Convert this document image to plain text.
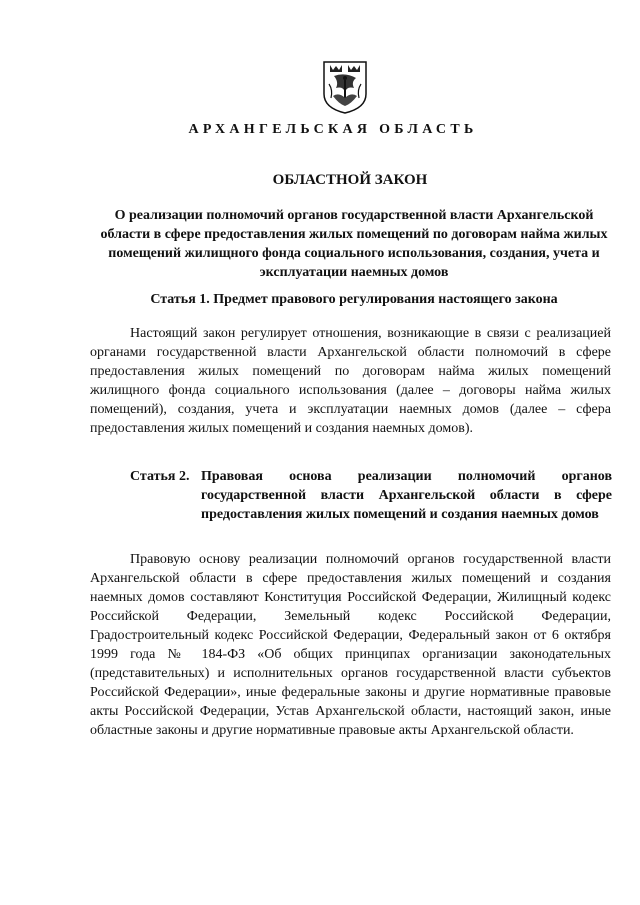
АРХАНГЕЛЬСКАЯ ОБЛАСТЬ
ОБЛАСТНОЙ ЗАКОН
О реализации полномочий органов государственной власти Архангельской области в сфере предоставления жилых помещений по договорам найма жилых помещений жилищного фонда социального использования, создания, учета и эксплуатации наемных домов
Статья 1. Предмет правового регулирования настоящего закона

Настоящий закон регулирует отношения, возникающие в связи с реализацией органами государственной власти Архангельской области полномочий в сфере предоставления жилых помещений по договорам найма жилых помещений жилищного фонда социального использования (далее – договоры найма жилых помещений), создания, учета и эксплуатации наемных домов (далее – сфера предоставления жилых помещений и создания наемных домов).

Статья 2. Правовая основа реализации полномочий органов государственной власти Архангельской области в сфере предоставления жилых помещений и создания наемных домов

Правовую основу реализации полномочий органов государственной власти Архангельской области в сфере предоставления жилых помещений и создания наемных домов составляют Конституция Российской Федерации, Жилищный кодекс Российской Федерации, Земельный кодекс Российской Федерации, Градостроительный кодекс Российской Федерации, Федеральный закон от 6 октября 1999 года № 184-ФЗ «Об общих принципах организации законодательных (представительных) и исполнительных органов государственной власти субъектов Российской Федерации», иные федеральные законы и другие нормативные правовые акты Российской Федерации, Устав Архангельской области, настоящий закон, иные областные законы и другие нормативные правовые акты Архангельской области.
